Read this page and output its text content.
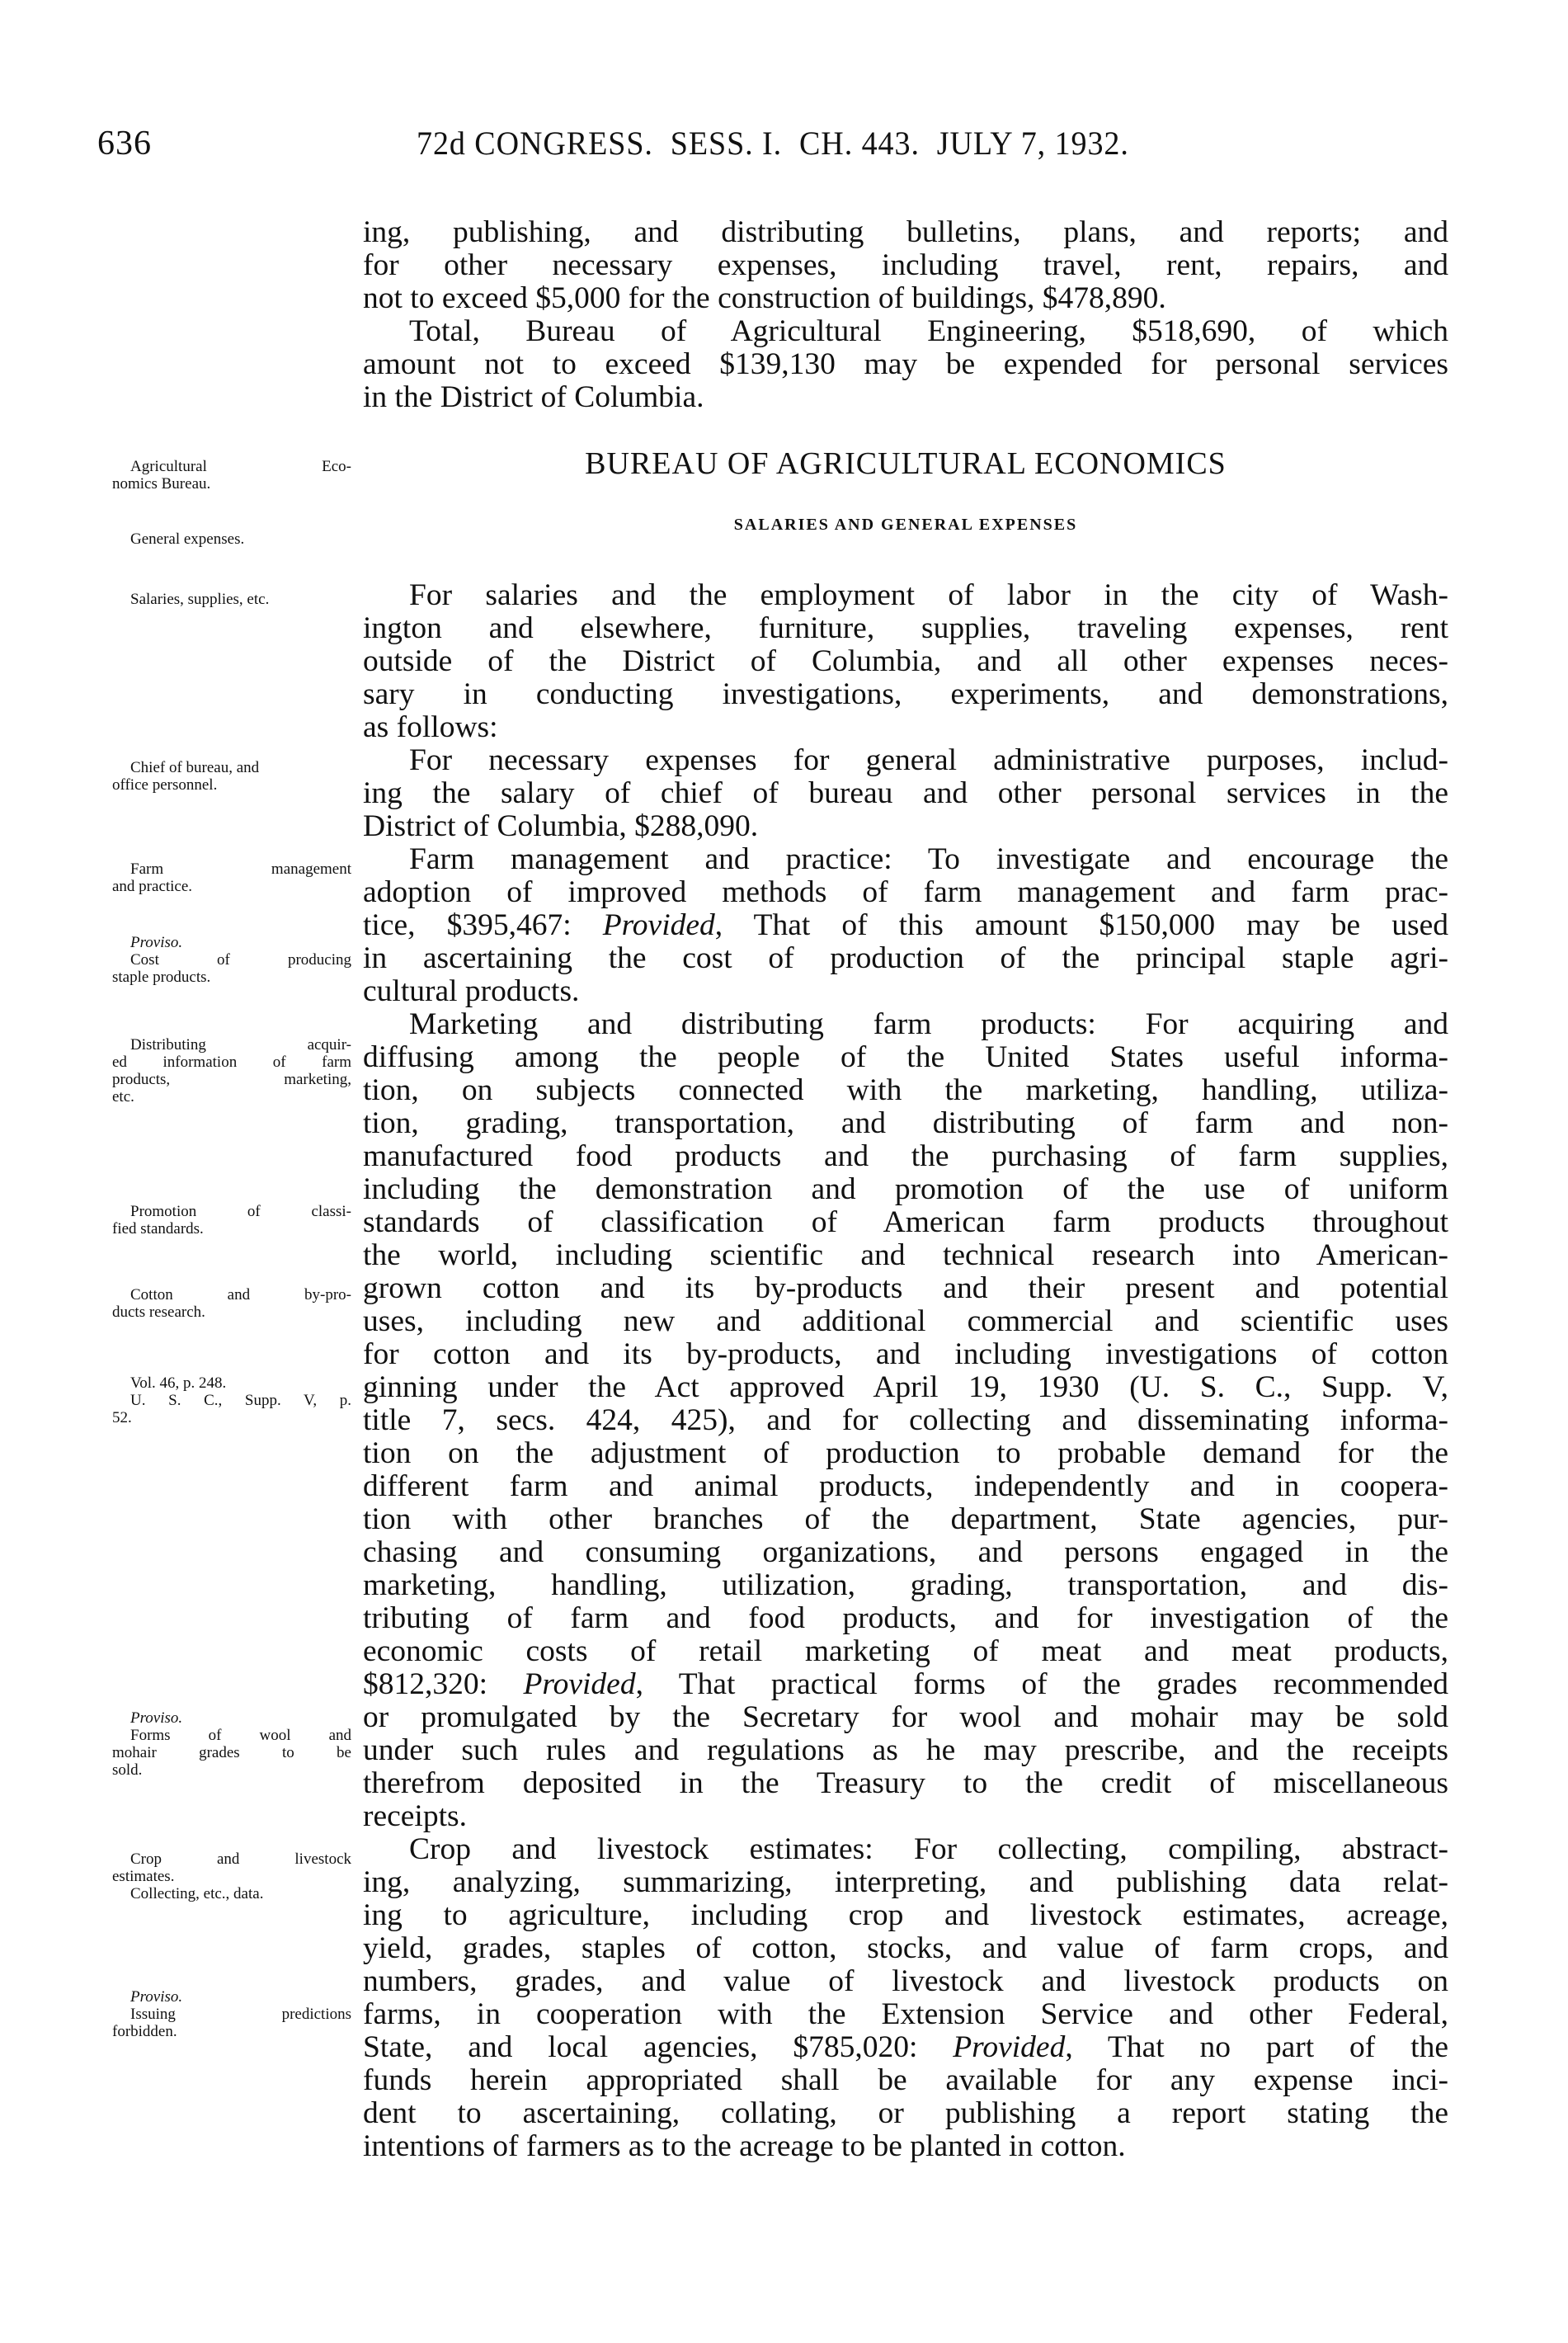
636	72d CONGRESS.  SESS. I.  CH. 443.  JULY 7, 1932.
ing, publishing, and distributing bulletins, plans, and reports; and
for other necessary expenses, including travel, rent, repairs, and
not to exceed $5,000 for the construction of buildings, $478,890.
Total, Bureau of Agricultural Engineering, $518,690, of which
amount not to exceed $139,130 may be expended for personal services
in the District of Columbia.
BUREAU OF AGRICULTURAL ECONOMICS
SALARIES AND GENERAL EXPENSES
For salaries and the employment of labor in the city of Wash-
ington and elsewhere, furniture, supplies, traveling expenses, rent
outside of the District of Columbia, and all other expenses neces-
sary in conducting investigations, experiments, and demonstrations,
as follows:
For necessary expenses for general administrative purposes, includ-
ing the salary of chief of bureau and other personal services in the
District of Columbia, $288,090.
Farm management and practice: To investigate and encourage the
adoption of improved methods of farm management and farm prac-
tice, $395,467: Provided, That of this amount $150,000 may be used
in ascertaining the cost of production of the principal staple agri-
cultural products.
Marketing and distributing farm products: For acquiring and
diffusing among the people of the United States useful informa-
tion, on subjects connected with the marketing, handling, utiliza-
tion, grading, transportation, and distributing of farm and non-
manufactured food products and the purchasing of farm supplies,
including the demonstration and promotion of the use of uniform
standards of classification of American farm products throughout
the world, including scientific and technical research into American-
grown cotton and its by-products and their present and potential
uses, including new and additional commercial and scientific uses
for cotton and its by-products, and including investigations of cotton
ginning under the Act approved April 19, 1930 (U. S. C., Supp. V,
title 7, secs. 424, 425), and for collecting and disseminating informa-
tion on the adjustment of production to probable demand for the
different farm and animal products, independently and in coopera-
tion with other branches of the department, State agencies, pur-
chasing and consuming organizations, and persons engaged in the
marketing, handling, utilization, grading, transportation, and dis-
tributing of farm and food products, and for investigation of the
economic costs of retail marketing of meat and meat products,
$812,320: Provided, That practical forms of the grades recommended
or promulgated by the Secretary for wool and mohair may be sold
under such rules and regulations as he may prescribe, and the receipts
therefrom deposited in the Treasury to the credit of miscellaneous
receipts.
Crop and livestock estimates: For collecting, compiling, abstract-
ing, analyzing, summarizing, interpreting, and publishing data relat-
ing to agriculture, including crop and livestock estimates, acreage,
yield, grades, staples of cotton, stocks, and value of farm crops, and
numbers, grades, and value of livestock and livestock products on
farms, in cooperation with the Extension Service and other Federal,
State, and local agencies, $785,020: Provided, That no part of the
funds herein appropriated shall be available for any expense inci-
dent to ascertaining, collating, or publishing a report stating the
intentions of farmers as to the acreage to be planted in cotton.
Agricultural Eco-
nomics Bureau.
General expenses.
Salaries, supplies, etc.
Chief of bureau, and
office personnel.
Farm management
and practice.
Proviso.
Cost of producing
staple products.
Distributing acquir-
ed information of farm
products, marketing,
etc.
Promotion of classi-
fied standards.
Cotton and by-pro-
ducts research.
Vol. 46, p. 248.
U. S. C., Supp. V, p.
52.
Proviso.
Forms of wool and
mohair grades to be
sold.
Crop and livestock
estimates.
Collecting, etc., data.
Proviso.
Issuing predictions
forbidden.
